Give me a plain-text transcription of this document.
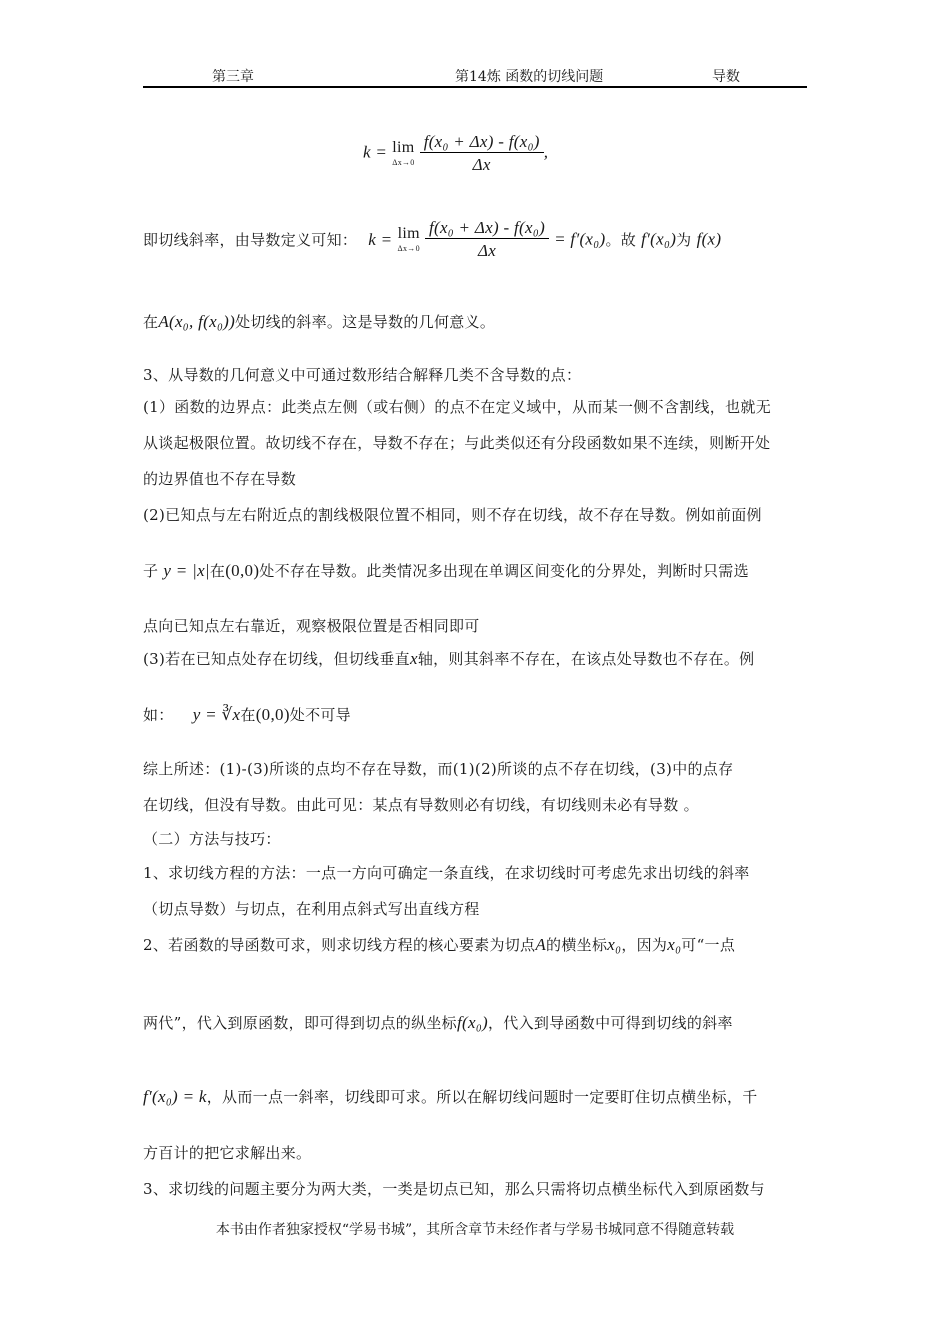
第三章	第14炼 函数的切线问题	导数
k = lim
Δx→0
$\frac{\text{f(x₀ + Δx) - f(x₀)}}{\Delta x}$ ,
即切线斜率，由导数定义可知： k = lim
Δx→0
$\frac{\text{f(x₀ + Δx) - f(x₀)}}{\Delta x} = f'(x_0)$。故 f′(x₀)为 f(x)
在A(x₀, f(x₀))处切线的斜率。这是导数的几何意义。
3、从导数的几何意义中可通过数形结合解释几类不含导数的点：
(1）函数的边界点：此类点左侧（或右侧）的点不在定义域中，从而某一侧不含割线，也就无
从谈起极限位置。故切线不存在，导数不存在；与此类似还有分段函数如果不连续，则断开处
的边界值也不存在导数
(2)已知点与左右附近点的割线极限位置不相同，则不存在切线，故不存在导数。例如前面例
子 y = |x|在(0,0)处不存在导数。此类情况多出现在单调区间变化的分界处，判断时只需选
点向已知点左右靠近，观察极限位置是否相同即可
(3)若在已知点处存在切线，但切线垂直x轴，则其斜率不存在，在该点处导数也不存在。例
如： y = ∛x在(0,0)处不可导
综上所述：(1)-(3)所谈的点均不存在导数，而(1)(2)所谈的点不存在切线，(3)中的点存
在切线，但没有导数。由此可见：某点有导数则必有切线，有切线则未必有导数 。
（二）方法与技巧：
1、求切线方程的方法：一点一方向可确定一条直线，在求切线时可考虑先求出切线的斜率
（切点导数）与切点，在利用点斜式写出直线方程
2、若函数的导函数可求，则求切线方程的核心要素为切点A的横坐标x₀，因为x₀可“一点
两代”，代入到原函数，即可得到切点的纵坐标f(x₀)，代入到导函数中可得到切线的斜率
f′(x₀) = k，从而一点一斜率，切线即可求。所以在解切线问题时一定要盯住切点横坐标，千
方百计的把它求解出来。
3、求切线的问题主要分为两大类，一类是切点已知，那么只需将切点横坐标代入到原函数与
本书由作者独家授权“学易书城”，其所含章节未经作者与学易书城同意不得随意转载
